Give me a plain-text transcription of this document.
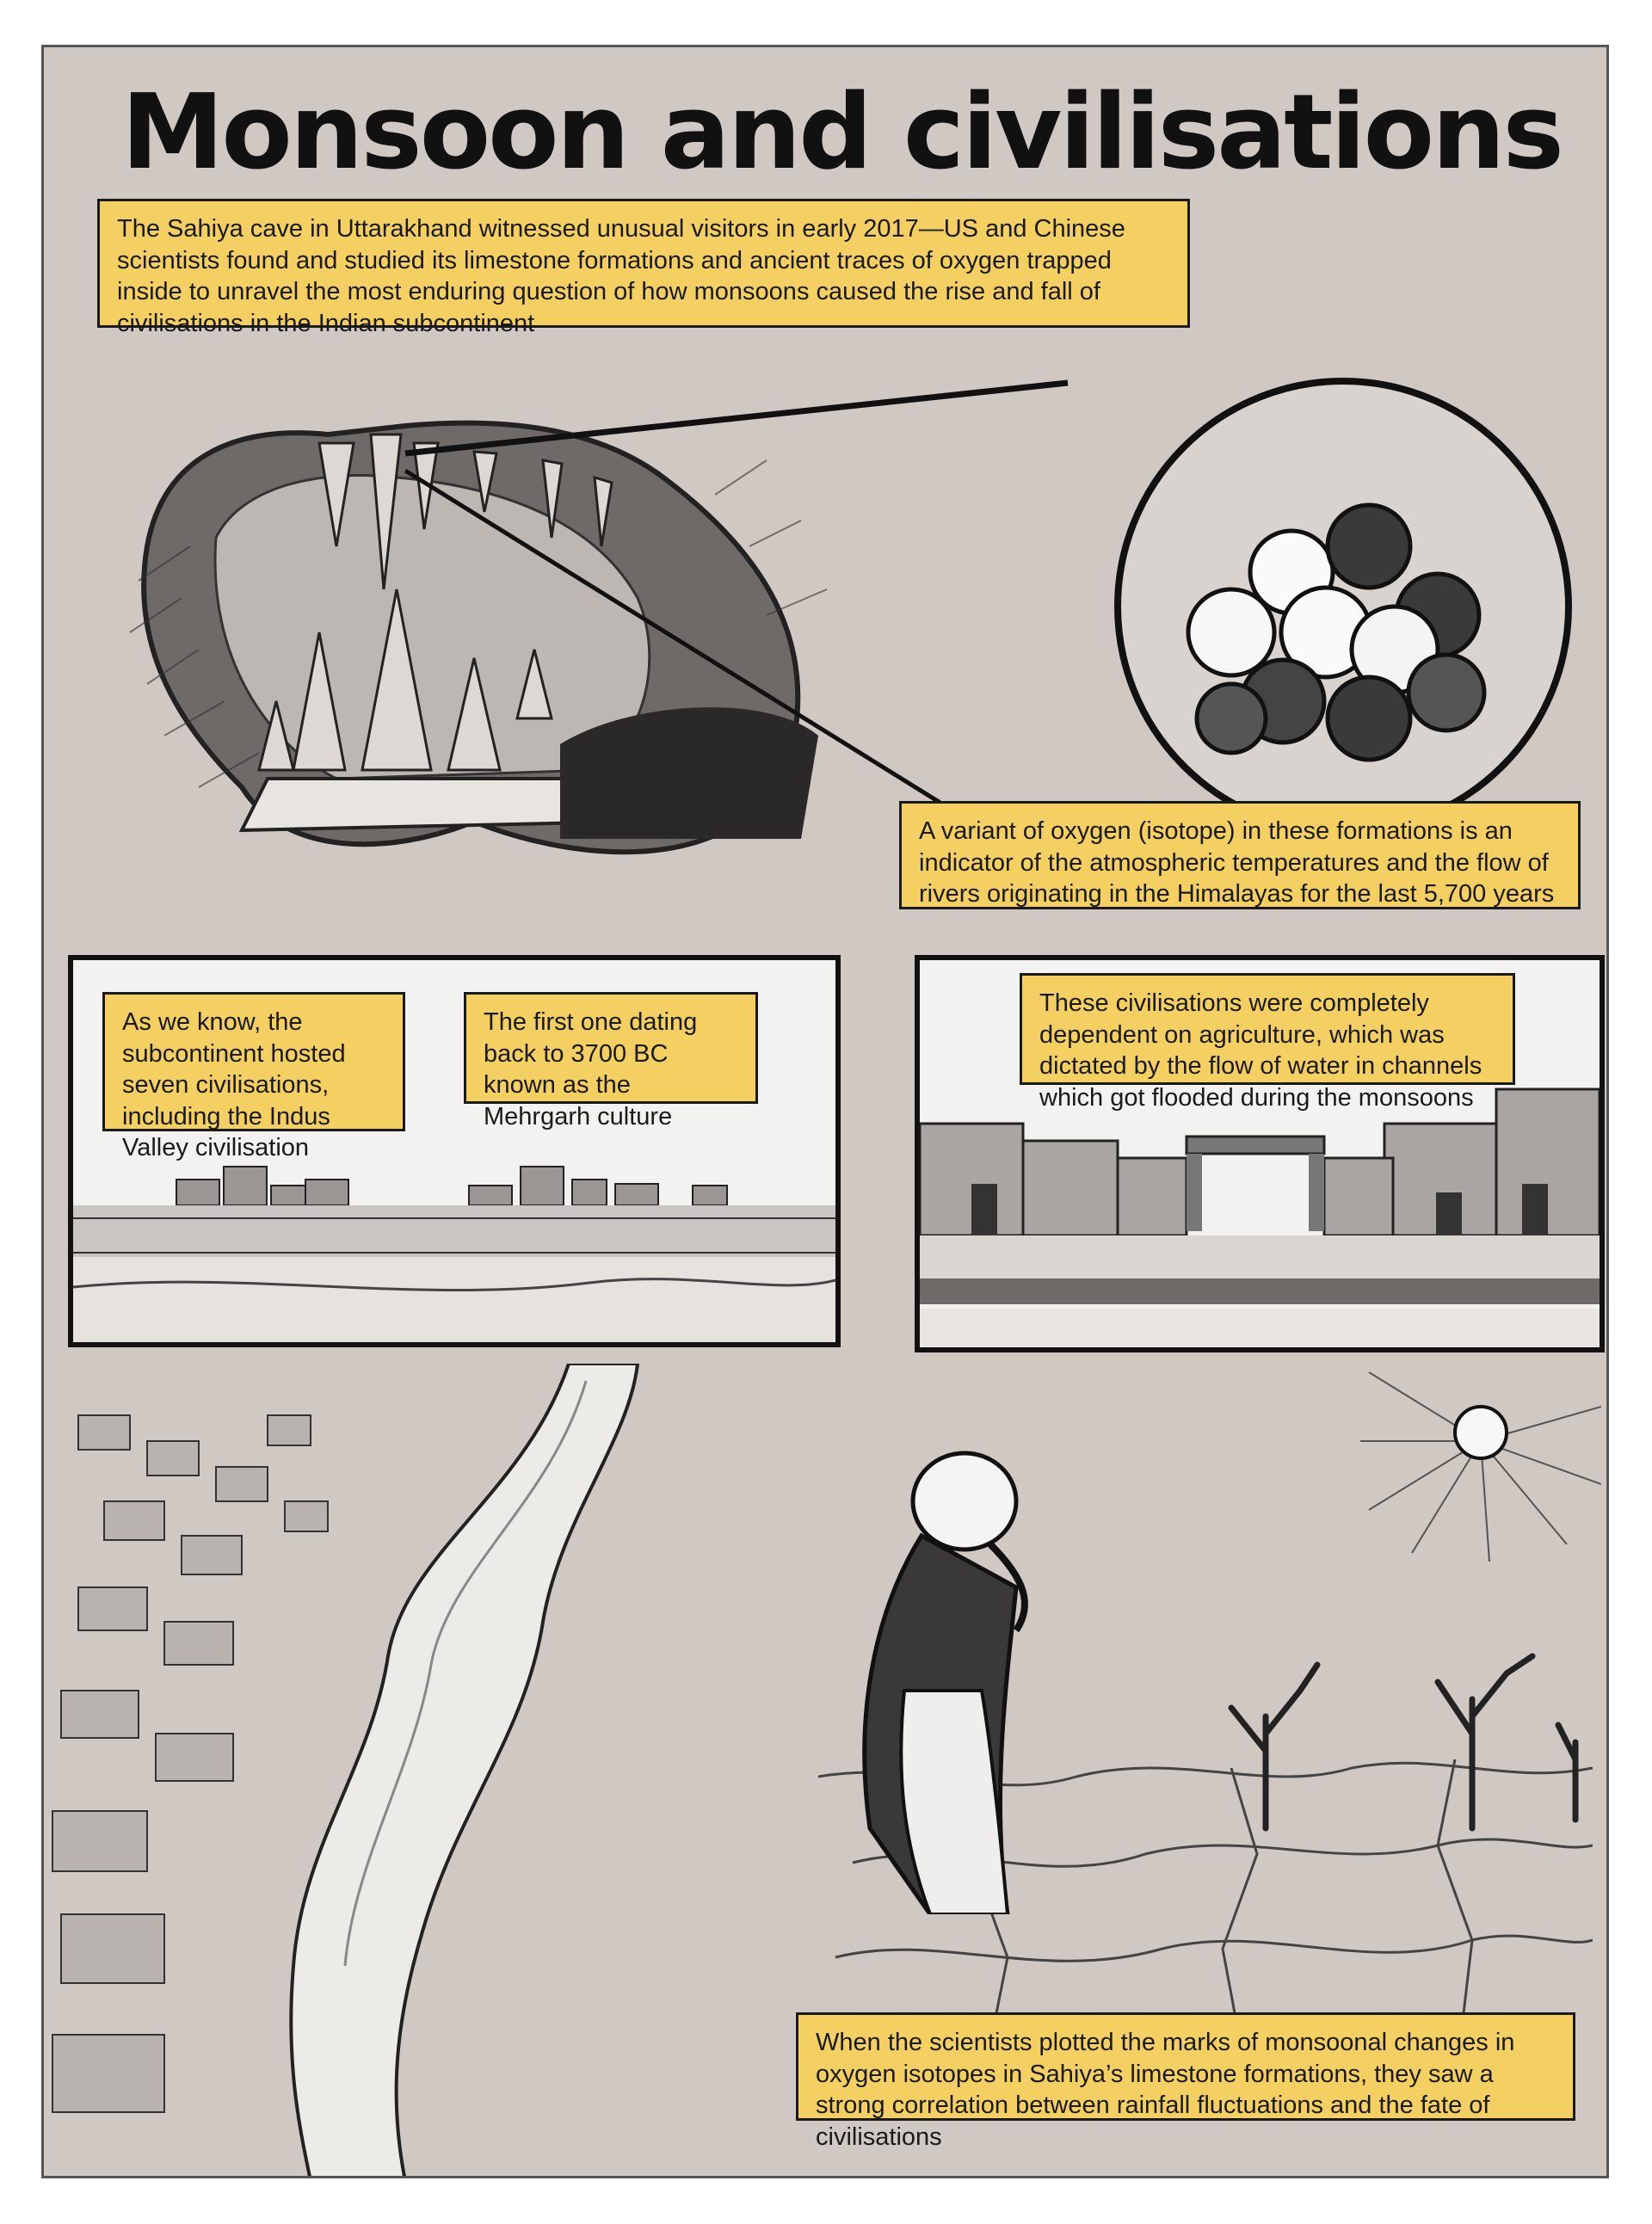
Monsoon and civilisations
The Sahiya cave in Uttarakhand witnessed unusual visitors in early 2017—US and Chinese scientists found and studied its limestone formations and ancient traces of oxygen trapped inside to unravel the most enduring question of how monsoons caused the rise and fall of civilisations in the Indian subcontinent
A variant of oxygen (isotope) in these formations is an indicator of the atmospheric temperatures and the flow of rivers originating in the Himalayas for the last 5,700 years
As we know, the subcontinent hosted seven civilisations, including the Indus Valley civilisation
The first one dating back to 3700 BC known as the Mehrgarh culture
These civilisations were completely dependent on agriculture, which was dictated by the flow of water in channels which got flooded during the monsoons
When the scientists plotted the marks of monsoonal changes in oxygen isotopes in Sahiya’s limestone formations, they saw a strong correlation between rainfall fluctuations and the fate of civilisations
